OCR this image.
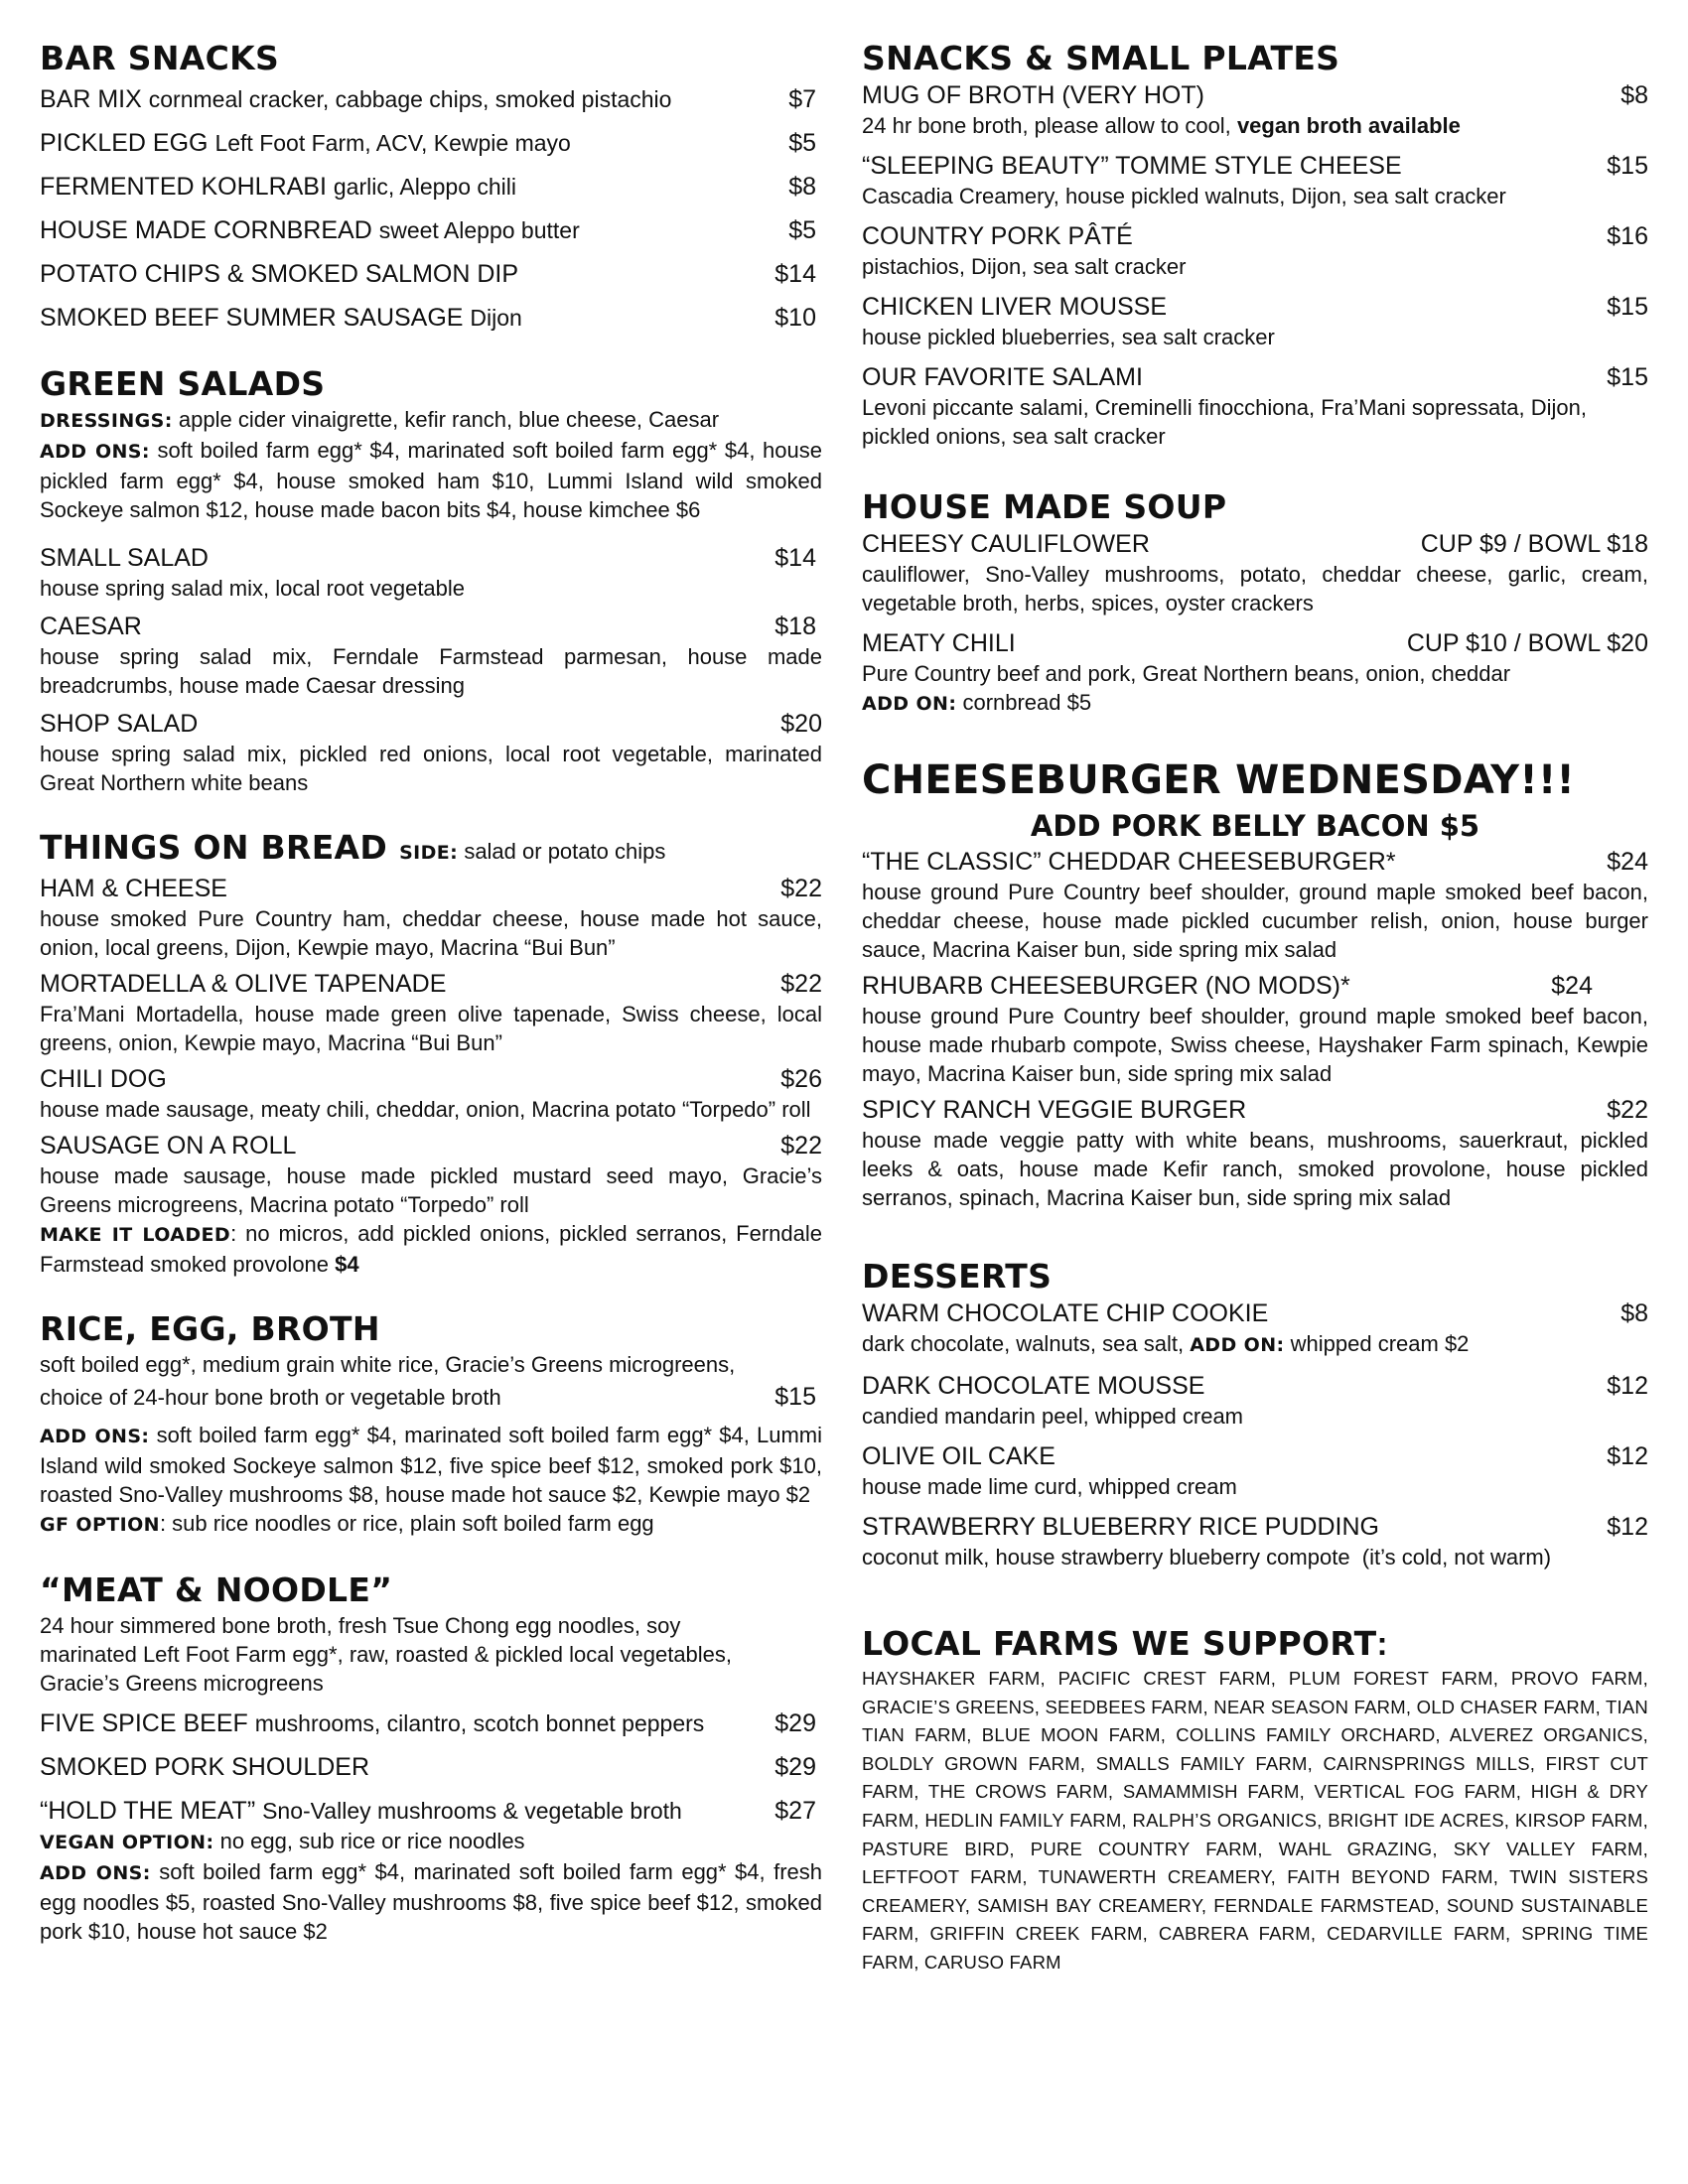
BAR SNACKS
BAR MIX cornmeal cracker, cabbage chips, smoked pistachio	$7
PICKLED EGG Left Foot Farm, ACV, Kewpie mayo	$5
FERMENTED KOHLRABI garlic, Aleppo chili	$8
HOUSE MADE CORNBREAD sweet Aleppo butter	$5
POTATO CHIPS & SMOKED SALMON DIP	$14
SMOKED BEEF SUMMER SAUSAGE Dijon	$10
GREEN SALADS
DRESSINGS: apple cider vinaigrette, kefir ranch, blue cheese, Caesar
ADD ONS: soft boiled farm egg* $4, marinated soft boiled farm egg* $4, house pickled farm egg* $4, house smoked ham $10, Lummi Island wild smoked Sockeye salmon $12, house made bacon bits $4, house kimchee $6
SMALL SALAD	$14
house spring salad mix, local root vegetable
CAESAR	$18
house spring salad mix, Ferndale Farmstead parmesan, house made breadcrumbs, house made Caesar dressing
SHOP SALAD	$20
house spring salad mix, pickled red onions, local root vegetable, marinated Great Northern white beans
THINGS ON BREAD SIDE: salad or potato chips
HAM & CHEESE	$22
house smoked Pure Country ham, cheddar cheese, house made hot sauce, onion, local greens, Dijon, Kewpie mayo, Macrina “Bui Bun”
MORTADELLA & OLIVE TAPENADE	$22
Fra’Mani Mortadella, house made green olive tapenade, Swiss cheese, local greens, onion, Kewpie mayo, Macrina “Bui Bun”
CHILI DOG	$26
house made sausage, meaty chili, cheddar, onion, Macrina potato “Torpedo” roll
SAUSAGE ON A ROLL	$22
house made sausage, house made pickled mustard seed mayo, Gracie’s Greens microgreens, Macrina potato “Torpedo” roll
MAKE IT LOADED: no micros, add pickled onions, pickled serranos, Ferndale Farmstead smoked provolone $4
RICE, EGG, BROTH
soft boiled egg*, medium grain white rice, Gracie’s Greens microgreens,
choice of 24-hour bone broth or vegetable broth	$15
ADD ONS: soft boiled farm egg* $4, marinated soft boiled farm egg* $4, Lummi Island wild smoked Sockeye salmon $12, five spice beef $12, smoked pork $10, roasted Sno-Valley mushrooms $8, house made hot sauce $2, Kewpie mayo $2
GF OPTION: sub rice noodles or rice, plain soft boiled farm egg
“MEAT & NOODLE”
24 hour simmered bone broth, fresh Tsue Chong egg noodles, soy marinated Left Foot Farm egg*, raw, roasted & pickled local vegetables, Gracie’s Greens microgreens
FIVE SPICE BEEF mushrooms, cilantro, scotch bonnet peppers	$29
SMOKED PORK SHOULDER	$29
“HOLD THE MEAT” Sno-Valley mushrooms & vegetable broth	$27
VEGAN OPTION: no egg, sub rice or rice noodles
ADD ONS: soft boiled farm egg* $4, marinated soft boiled farm egg* $4, fresh egg noodles $5, roasted Sno-Valley mushrooms $8, five spice beef $12, smoked pork $10, house hot sauce $2
SNACKS & SMALL PLATES
MUG OF BROTH (VERY HOT)	$8
24 hr bone broth, please allow to cool, vegan broth available
“SLEEPING BEAUTY” TOMME STYLE CHEESE	$15
Cascadia Creamery, house pickled walnuts, Dijon, sea salt cracker
COUNTRY PORK PÂTÉ	$16
pistachios, Dijon, sea salt cracker
CHICKEN LIVER MOUSSE	$15
house pickled blueberries, sea salt cracker
OUR FAVORITE SALAMI	$15
Levoni piccante salami, Creminelli finocchiona, Fra’Mani sopressata, Dijon, pickled onions, sea salt cracker
HOUSE MADE SOUP
CHEESY CAULIFLOWER	CUP $9 / BOWL $18
cauliflower, Sno-Valley mushrooms, potato, cheddar cheese, garlic, cream, vegetable broth, herbs, spices, oyster crackers
MEATY CHILI	CUP $10 / BOWL $20
Pure Country beef and pork, Great Northern beans, onion, cheddar
ADD ON: cornbread $5
CHEESEBURGER WEDNESDAY!!!
ADD PORK BELLY BACON $5
“THE CLASSIC” CHEDDAR CHEESEBURGER*	$24
house ground Pure Country beef shoulder, ground maple smoked beef bacon, cheddar cheese, house made pickled cucumber relish, onion, house burger sauce, Macrina Kaiser bun, side spring mix salad
RHUBARB CHEESEBURGER (NO MODS)*	$24
house ground Pure Country beef shoulder, ground maple smoked beef bacon, house made rhubarb compote, Swiss cheese, Hayshaker Farm spinach, Kewpie mayo, Macrina Kaiser bun, side spring mix salad
SPICY RANCH VEGGIE BURGER	$22
house made veggie patty with white beans, mushrooms, sauerkraut, pickled leeks & oats, house made Kefir ranch, smoked provolone, house pickled serranos, spinach, Macrina Kaiser bun, side spring mix salad
DESSERTS
WARM CHOCOLATE CHIP COOKIE	$8
dark chocolate, walnuts, sea salt, ADD ON: whipped cream $2
DARK CHOCOLATE MOUSSE	$12
candied mandarin peel, whipped cream
OLIVE OIL CAKE	$12
house made lime curd, whipped cream
STRAWBERRY BLUEBERRY RICE PUDDING	$12
coconut milk, house strawberry blueberry compote  (it’s cold, not warm)
LOCAL FARMS WE SUPPORT:
HAYSHAKER FARM, PACIFIC CREST FARM, PLUM FOREST FARM, PROVO FARM, GRACIE’S GREENS, SEEDBEES FARM, NEAR SEASON FARM, OLD CHASER FARM, TIAN TIAN FARM, BLUE MOON FARM, COLLINS FAMILY ORCHARD, ALVEREZ ORGANICS, BOLDLY GROWN FARM, SMALLS FAMILY FARM, CAIRNSPRINGS MILLS, FIRST CUT FARM, THE CROWS FARM, SAMAMMISH FARM, VERTICAL FOG FARM, HIGH & DRY FARM, HEDLIN FAMILY FARM, RALPH’S ORGANICS, BRIGHT IDE ACRES, KIRSOP FARM, PASTURE BIRD, PURE COUNTRY FARM, WAHL GRAZING, SKY VALLEY FARM, LEFTFOOT FARM, TUNAWERTH CREAMERY, FAITH BEYOND FARM, TWIN SISTERS CREAMERY, SAMISH BAY CREAMERY, FERNDALE FARMSTEAD, SOUND SUSTAINABLE FARM, GRIFFIN CREEK FARM, CABRERA FARM, CEDARVILLE FARM, SPRING TIME FARM, CARUSO FARM
